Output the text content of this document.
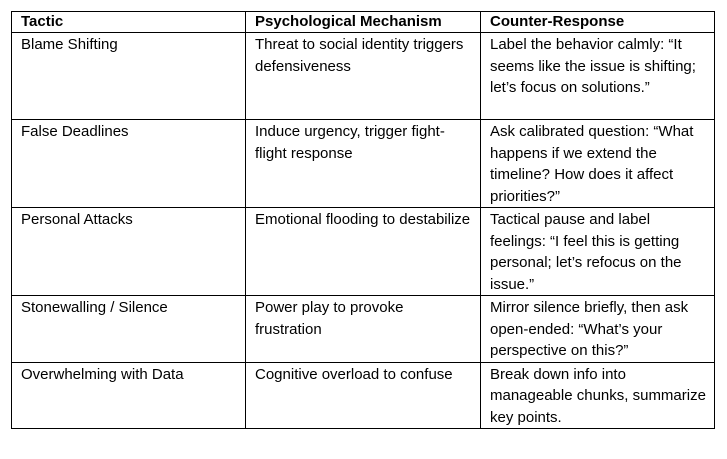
Tactic	Psychological Mechanism	Counter-Response
Blame Shifting	Threat to social identity triggers defensiveness	Label the behavior calmly: “It seems like the issue is shifting; let’s focus on solutions.”
False Deadlines	Induce urgency, trigger fight-flight response	Ask calibrated question: “What happens if we extend the timeline? How does it affect priorities?”
Personal Attacks	Emotional flooding to destabilize	Tactical pause and label feelings: “I feel this is getting personal; let’s refocus on the issue.”
Stonewalling / Silence	Power play to provoke frustration	Mirror silence briefly, then ask open-ended: “What’s your perspective on this?”
Overwhelming with Data	Cognitive overload to confuse	Break down info into manageable chunks, summarize key points.
